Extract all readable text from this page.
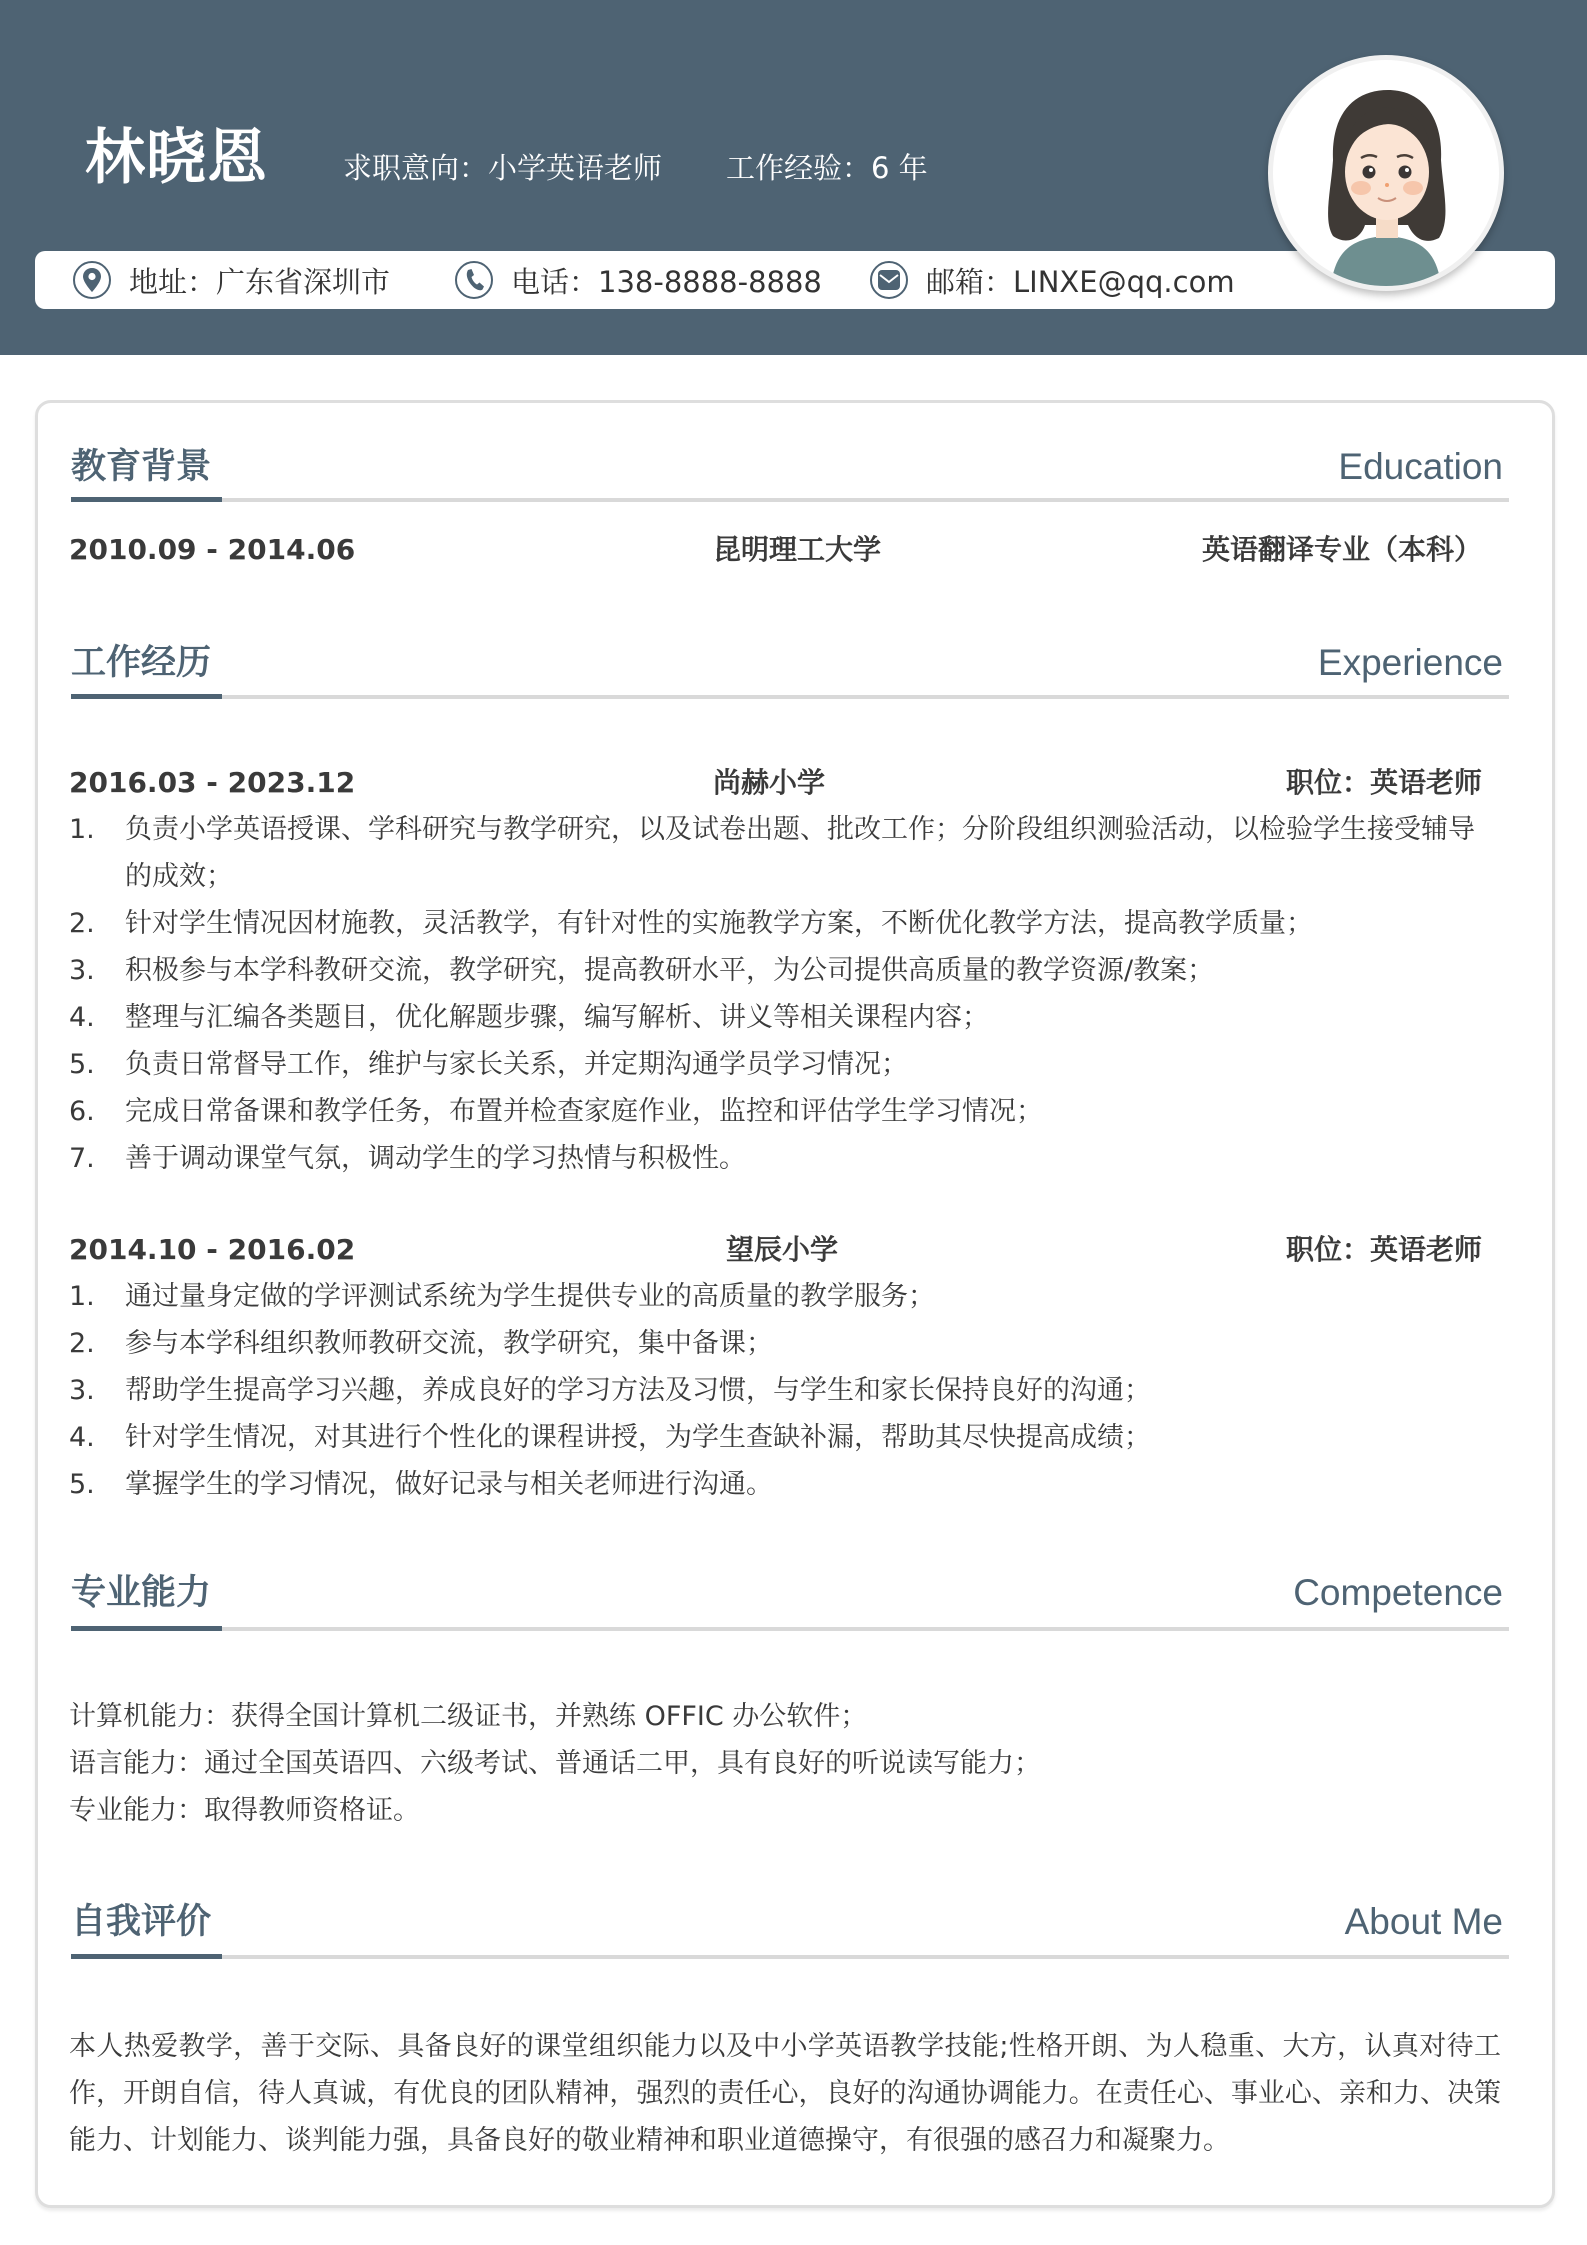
林晓恩	求职意向：小学英语老师 工作经验：6 年
地址：广东省深圳市	电话：138-8888-8888	邮箱：LINXE@qq.com
教育背景	Education
2010.09 - 2014.06	昆明理工大学	英语翻译专业（本科）
工作经历	Experience
2016.03 - 2023.12	尚赫小学	职位：英语老师
1. 负责小学英语授课、学科研究与教学研究，以及试卷出题、批改工作；分阶段组织测验活动，以检验学生接受辅导的成效；
2. 针对学生情况因材施教，灵活教学，有针对性的实施教学方案，不断优化教学方法，提高教学质量；
3. 积极参与本学科教研交流，教学研究，提高教研水平，为公司提供高质量的教学资源/教案；
4. 整理与汇编各类题目，优化解题步骤，编写解析、讲义等相关课程内容；
5. 负责日常督导工作，维护与家长关系，并定期沟通学员学习情况；
6. 完成日常备课和教学任务，布置并检查家庭作业，监控和评估学生学习情况；
7. 善于调动课堂气氛，调动学生的学习热情与积极性。
2014.10 - 2016.02	望辰小学	职位：英语老师
1. 通过量身定做的学评测试系统为学生提供专业的高质量的教学服务；
2. 参与本学科组织教师教研交流，教学研究，集中备课；
3. 帮助学生提高学习兴趣，养成良好的学习方法及习惯，与学生和家长保持良好的沟通；
4. 针对学生情况，对其进行个性化的课程讲授，为学生查缺补漏，帮助其尽快提高成绩；
5. 掌握学生的学习情况，做好记录与相关老师进行沟通。
专业能力	Competence
计算机能力：获得全国计算机二级证书，并熟练 OFFIC 办公软件；
语言能力：通过全国英语四、六级考试、普通话二甲，具有良好的听说读写能力；
专业能力：取得教师资格证。
自我评价	About Me
本人热爱教学，善于交际、具备良好的课堂组织能力以及中小学英语教学技能;性格开朗、为人稳重、大方，认真对待工作，开朗自信，待人真诚，有优良的团队精神，强烈的责任心，良好的沟通协调能力。在责任心、事业心、亲和力、决策能力、计划能力、谈判能力强，具备良好的敬业精神和职业道德操守，有很强的感召力和凝聚力。
